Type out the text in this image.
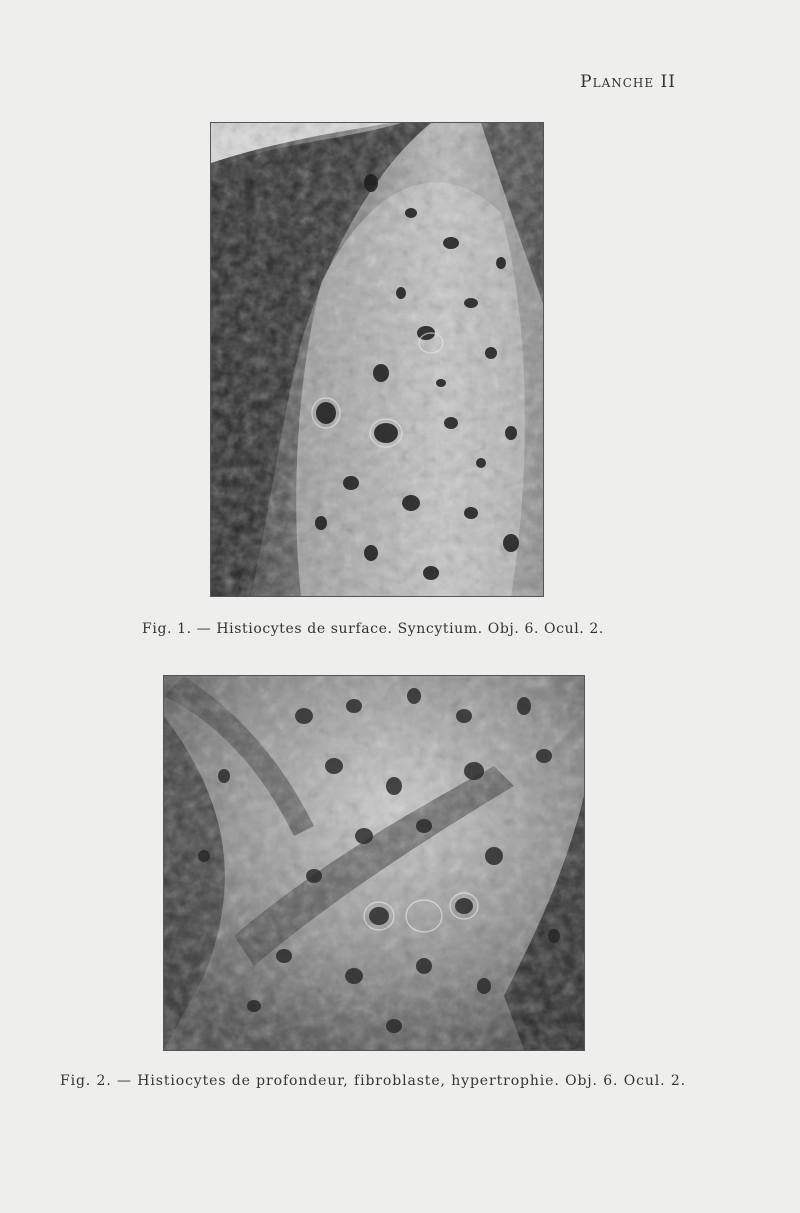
Planche II
Fig. 1. — Histiocytes de surface. Syncytium. Obj. 6. Ocul. 2.
Fig. 2. — Histiocytes de profondeur, fibroblaste, hypertrophie. Obj. 6. Ocul. 2.
